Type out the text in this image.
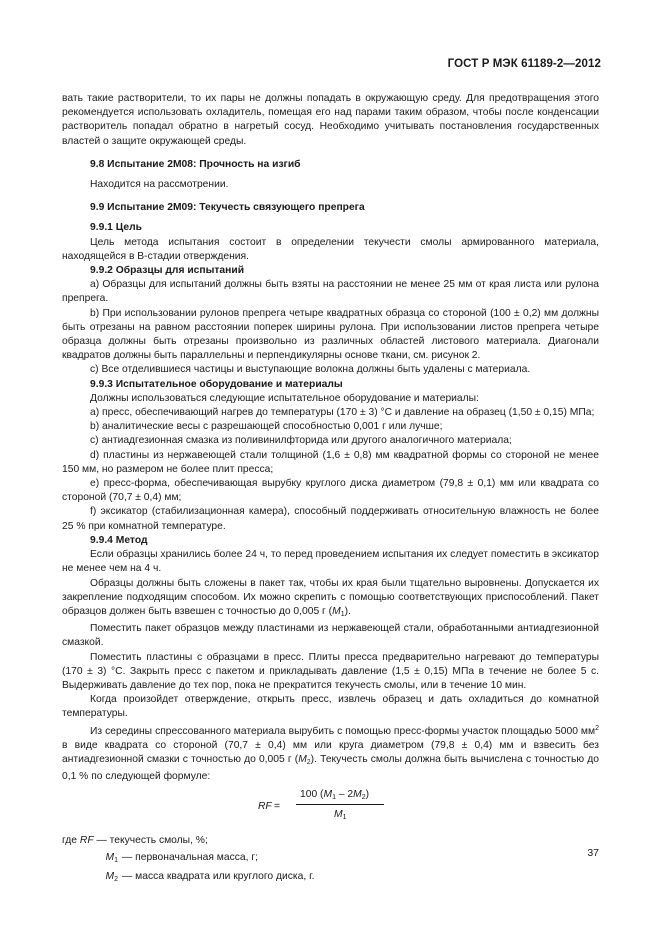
ГОСТ Р МЭК 61189-2—2012

вать такие растворители, то их пары не должны попадать в окружающую среду. Для предотвращения этого рекомендуется использовать охладитель, помещая его над парами таким образом, чтобы после конденсации растворитель попадал обратно в нагретый сосуд. Необходимо учитывать постановления государственных властей о защите окружающей среды.

9.8 Испытание 2М08: Прочность на изгиб

Находится на рассмотрении.

9.9 Испытание 2М09: Текучесть связующего препрега

9.9.1 Цель

Цель метода испытания состоит в определении текучести смолы армированного материала, находящейся в В-стадии отверждения.

9.9.2 Образцы для испытаний

a) Образцы для испытаний должны быть взяты на расстоянии не менее 25 мм от края листа или рулона препрега.

b) При использовании рулонов препрега четыре квадратных образца со стороной (100 ± 0,2) мм должны быть отрезаны на равном расстоянии поперек ширины рулона. При использовании листов препрега четыре образца должны быть отрезаны произвольно из различных областей листового материала. Диагонали квадратов должны быть параллельны и перпендикулярны основе ткани, см. рисунок 2.

c) Все отделившиеся частицы и выступающие волокна должны быть удалены с материала.

9.9.3 Испытательное оборудование и материалы

Должны использоваться следующие испытательное оборудование и материалы:

a) пресс, обеспечивающий нагрев до температуры (170 ± 3) °С и давление на образец (1,50 ± 0,15) МПа;

b) аналитические весы с разрешающей способностью 0,001 г или лучше;

c) антиадгезионная смазка из поливинилфторида или другого аналогичного материала;

d) пластины из нержавеющей стали толщиной (1,6 ± 0,8) мм квадратной формы со стороной не менее 150 мм, но размером не более плит пресса;

e) пресс-форма, обеспечивающая вырубку круглого диска диаметром (79,8 ± 0,1) мм или квадрата со стороной (70,7 ± 0,4) мм;

f) эксикатор (стабилизационная камера), способный поддерживать относительную влажность не более 25 % при комнатной температуре.

9.9.4 Метод

Если образцы хранились более 24 ч, то перед проведением испытания их следует поместить в эксикатор не менее чем на 4 ч.

Образцы должны быть сложены в пакет так, чтобы их края были тщательно выровнены. Допускается их закрепление подходящим способом. Их можно скрепить с помощью соответствующих приспособлений. Пакет образцов должен быть взвешен с точностью до 0,005 г $(M_1)$.

Поместить пакет образцов между пластинами из нержавеющей стали, обработанными антиадгезионной смазкой.

Поместить пластины с образцами в пресс. Плиты пресса предварительно нагревают до температуры (170 ± 3) °С. Закрыть пресс с пакетом и прикладывать давление (1,5 ± 0,15) МПа в течение не более 5 с. Выдерживать давление до тех пор, пока не прекратится текучесть смолы, или в течение 10 мин.

Когда произойдет отверждение, открыть пресс, извлечь образец и дать охладиться до комнатной температуры.

Из середины спрессованного материала вырубить с помощью пресс-формы участок площадью 5000 $мм^2$ в виде квадрата со стороной (70,7 ± 0,4) мм или круга диаметром (79,8 ± 0,4) мм и взвесить без антиадгезионной смазки с точностью до 0,005 г $(M_2)$. Текучесть смолы должна быть вычислена с точностью до 0,1 % по следующей формуле:

RF =
100 $(M_1 - 2M_2)$
$M_1$
где
RF
— текучесть смолы, %;
$M_1$ — первоначальная масса, г;
$M_2$ — масса квадрата или круглого диска, г.
37
